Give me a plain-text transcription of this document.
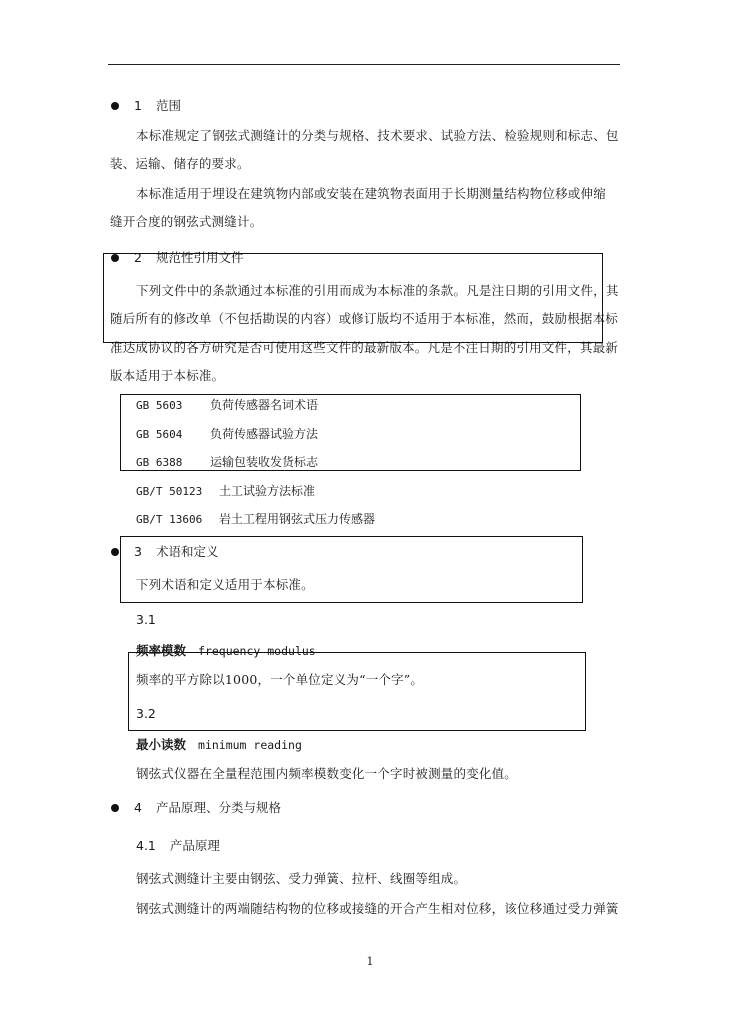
1 范围
本标准规定了钢弦式测缝计的分类与规格、技术要求、试验方法、检验规则和标志、包
装、运输、储存的要求。
本标准适用于埋设在建筑物内部或安装在建筑物表面用于长期测量结构物位移或伸缩
缝开合度的钢弦式测缝计。
2 规范性引用文件
下列文件中的条款通过本标准的引用而成为本标准的条款。凡是注日期的引用文件，其
随后所有的修改单（不包括勘误的内容）或修订版均不适用于本标准，然而，鼓励根据本标
准达成协议的各方研究是否可使用这些文件的最新版本。凡是不注日期的引用文件，其最新
版本适用于本标准。
GB 5603 负荷传感器名词术语
GB 5604 负荷传感器试验方法
GB 6388 运输包装收发货标志
GB/T 50123 土工试验方法标准
GB/T 13606 岩土工程用钢弦式压力传感器
3 术语和定义
下列术语和定义适用于本标准。
3.1
频率模数 frequency modulus
频率的平方除以1000，一个单位定义为“一个字”。
3.2
最小读数 minimum reading
钢弦式仪器在全量程范围内频率模数变化一个字时被测量的变化值。
4 产品原理、分类与规格
4.1 产品原理
钢弦式测缝计主要由钢弦、受力弹簧、拉杆、线圈等组成。
钢弦式测缝计的两端随结构物的位移或接缝的开合产生相对位移，该位移通过受力弹簧
1
